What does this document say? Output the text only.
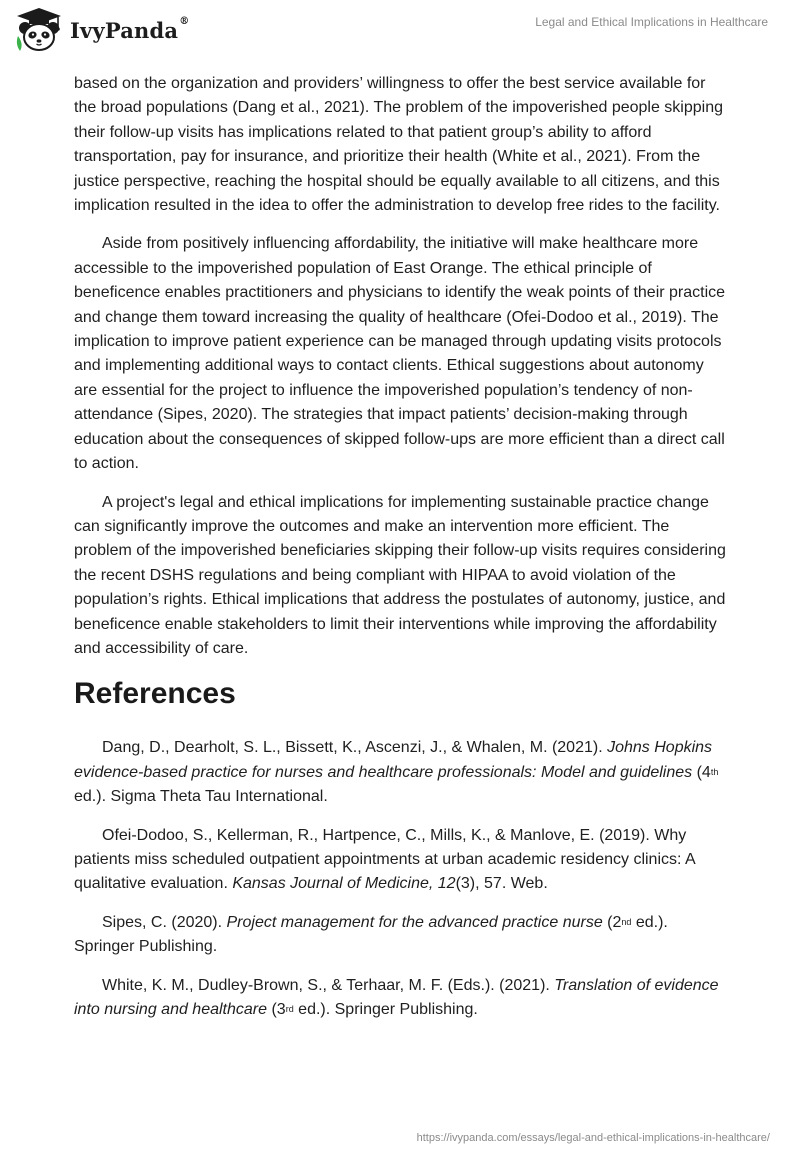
IvyPanda®	Legal and Ethical Implications in Healthcare

based on the organization and providers’ willingness to offer the best service available for the broad populations (Dang et al., 2021). The problem of the impoverished people skipping their follow-up visits has implications related to that patient group’s ability to afford transportation, pay for insurance, and prioritize their health (White et al., 2021). From the justice perspective, reaching the hospital should be equally available to all citizens, and this implication resulted in the idea to offer the administration to develop free rides to the facility.

Aside from positively influencing affordability, the initiative will make healthcare more accessible to the impoverished population of East Orange. The ethical principle of beneficence enables practitioners and physicians to identify the weak points of their practice and change them toward increasing the quality of healthcare (Ofei-Dodoo et al., 2019). The implication to improve patient experience can be managed through updating visits protocols and implementing additional ways to contact clients. Ethical suggestions about autonomy are essential for the project to influence the impoverished population’s tendency of non-attendance (Sipes, 2020). The strategies that impact patients’ decision-making through education about the consequences of skipped follow-ups are more efficient than a direct call to action.

A project's legal and ethical implications for implementing sustainable practice change can significantly improve the outcomes and make an intervention more efficient. The problem of the impoverished beneficiaries skipping their follow-up visits requires considering the recent DSHS regulations and being compliant with HIPAA to avoid violation of the population’s rights. Ethical implications that address the postulates of autonomy, justice, and beneficence enable stakeholders to limit their interventions while improving the affordability and accessibility of care.

References

Dang, D., Dearholt, S. L., Bissett, K., Ascenzi, J., & Whalen, M. (2021). Johns Hopkins evidence-based practice for nurses and healthcare professionals: Model and guidelines (4th ed.). Sigma Theta Tau International.

Ofei-Dodoo, S., Kellerman, R., Hartpence, C., Mills, K., & Manlove, E. (2019). Why patients miss scheduled outpatient appointments at urban academic residency clinics: A qualitative evaluation. Kansas Journal of Medicine, 12(3), 57. Web.

Sipes, C. (2020). Project management for the advanced practice nurse (2nd ed.). Springer Publishing.

White, K. M., Dudley-Brown, S., & Terhaar, M. F. (Eds.). (2021). Translation of evidence into nursing and healthcare (3rd ed.). Springer Publishing.

https://ivypanda.com/essays/legal-and-ethical-implications-in-healthcare/
